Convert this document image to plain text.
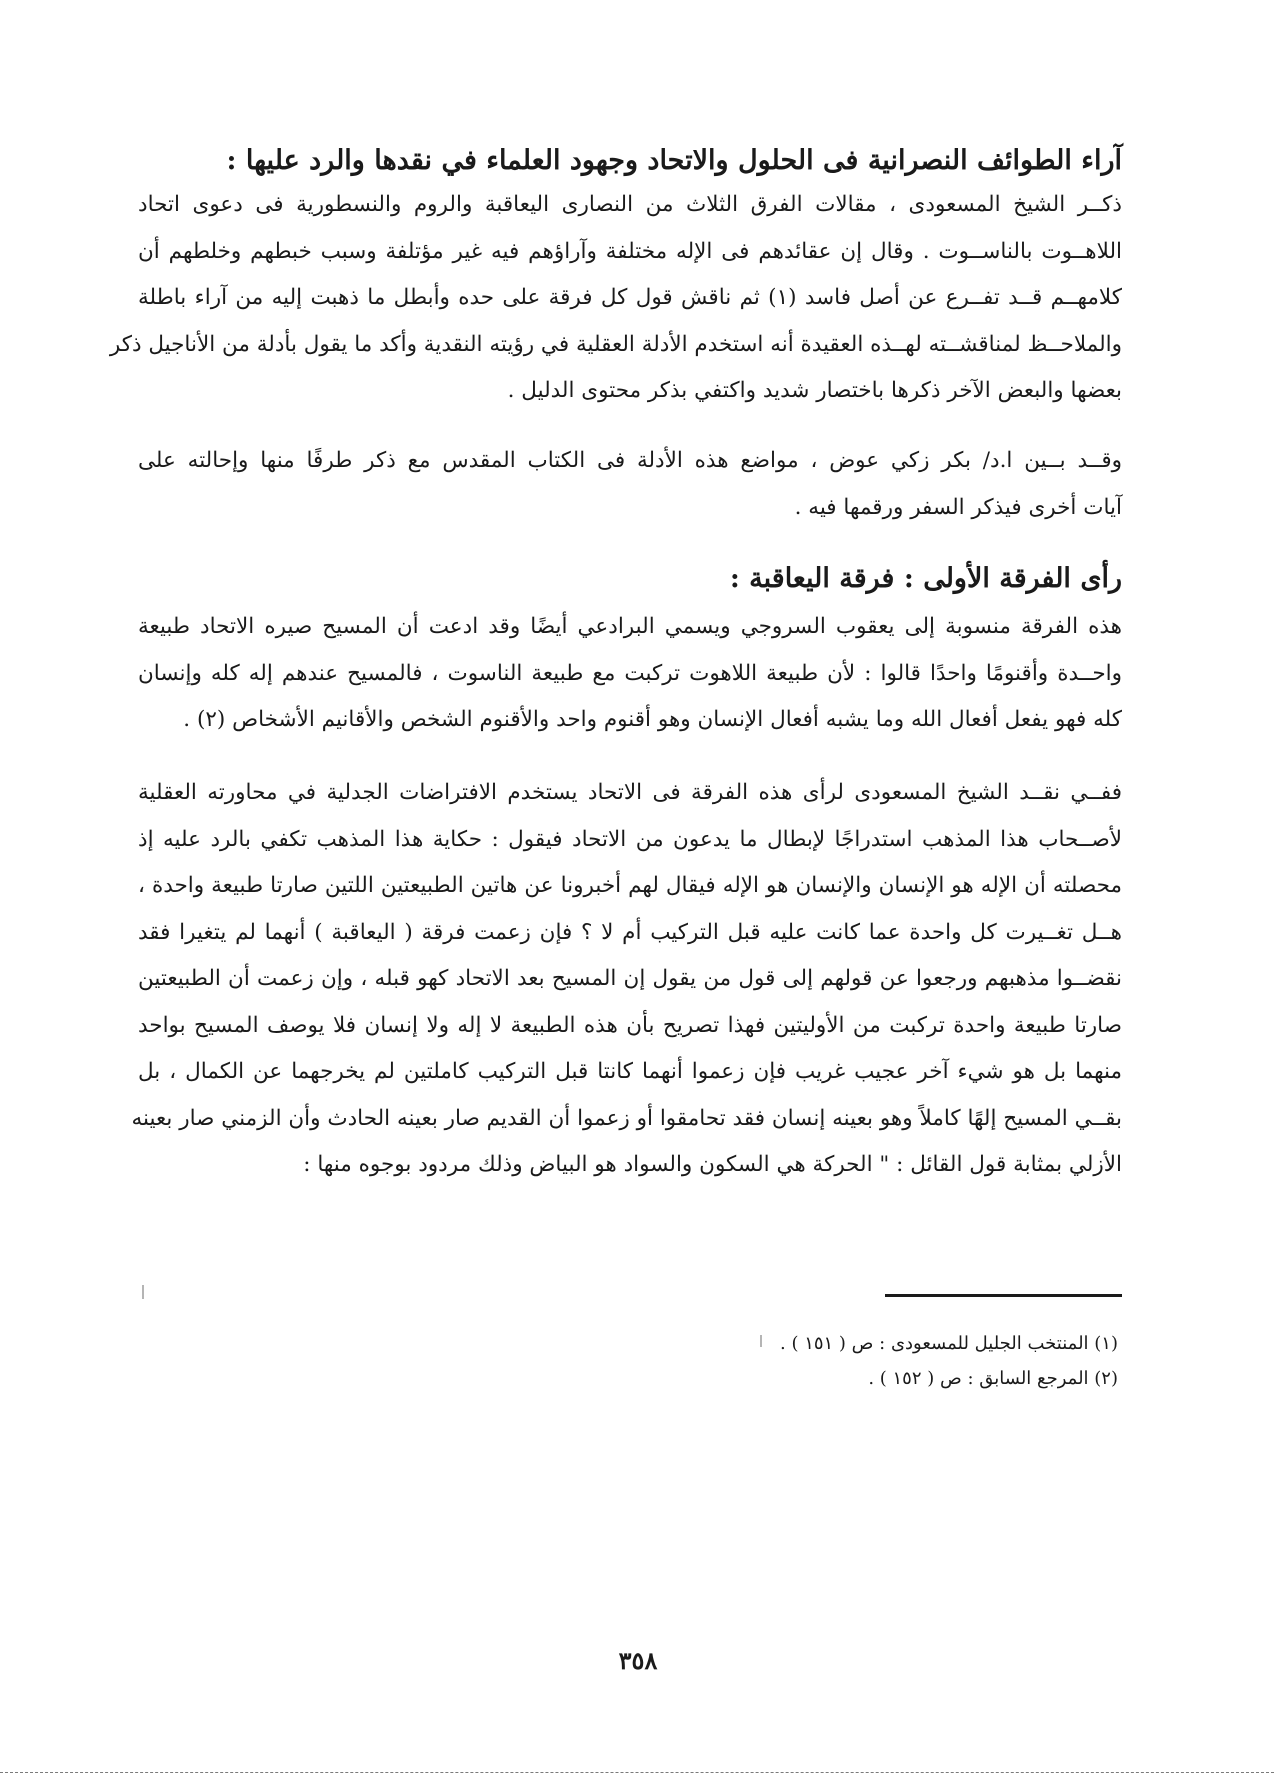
آراء الطوائف النصرانية فى الحلول والاتحاد وجهود العلماء في نقدها والرد عليها :
ذكــر الشيخ المسعودى ، مقالات الفرق الثلاث من النصارى اليعاقبة والروم والنسطورية فى دعوى اتحاد
اللاهــوت بالناســوت . وقال إن عقائدهم فى الإله مختلفة وآراؤهم فيه غير مؤتلفة وسبب خبطهم وخلطهم أن
كلامهــم قــد تفــرع عن أصل فاسد (١) ثم ناقش قول كل فرقة على حده وأبطل ما ذهبت إليه من آراء باطلة
والملاحــظ لمناقشــته لهــذه العقيدة أنه استخدم الأدلة العقلية في رؤيته النقدية وأكد ما يقول بأدلة من الأناجيل ذكر
بعضها والبعض الآخر ذكرها باختصار شديد واكتفي بذكر محتوى الدليل .
وقــد بــين ا.د/ بكر زكي عوض ، مواضع هذه الأدلة فى الكتاب المقدس مع ذكر طرفًا منها وإحالته على
آيات أخرى فيذكر السفر ورقمها فيه .
رأى الفرقة الأولى : فرقة اليعاقبة :
هذه الفرقة منسوبة إلى يعقوب السروجي ويسمي البرادعي أيضًا وقد ادعت أن المسيح صيره الاتحاد طبيعة
واحــدة وأقنومًا واحدًا قالوا : لأن طبيعة اللاهوت تركبت مع طبيعة الناسوت ، فالمسيح عندهم إله كله وإنسان
كله فهو يفعل أفعال الله وما يشبه أفعال الإنسان وهو أقنوم واحد والأقنوم الشخص والأقانيم الأشخاص (٢) .
ففــي نقــد الشيخ المسعودى لرأى هذه الفرقة فى الاتحاد يستخدم الافتراضات الجدلية في محاورته العقلية
لأصــحاب هذا المذهب استدراجًا لإبطال ما يدعون من الاتحاد فيقول : حكاية هذا المذهب تكفي بالرد عليه إذ
محصلته أن الإله هو الإنسان والإنسان هو الإله فيقال لهم أخبرونا عن هاتين الطبيعتين اللتين صارتا طبيعة واحدة ،
هــل تغــيرت كل واحدة عما كانت عليه قبل التركيب أم لا ؟ فإن زعمت فرقة ( اليعاقبة ) أنهما لم يتغيرا فقد
نقضــوا مذهبهم ورجعوا عن قولهم إلى قول من يقول إن المسيح بعد الاتحاد كهو قبله ، وإن زعمت أن الطبيعتين
صارتا طبيعة واحدة تركبت من الأوليتين فهذا تصريح بأن هذه الطبيعة لا إله ولا إنسان فلا يوصف المسيح بواحد
منهما بل هو شيء آخر عجيب غريب فإن زعموا أنهما كانتا قبل التركيب كاملتين لم يخرجهما عن الكمال ، بل
بقــي المسيح إلهًا كاملاً وهو بعينه إنسان فقد تحامقوا أو زعموا أن القديم صار بعينه الحادث وأن الزمني صار بعينه
الأزلي بمثابة قول القائل : " الحركة هي السكون والسواد هو البياض وذلك مردود بوجوه منها :
(١) المنتخب الجليل للمسعودى : ص ( ١٥١ ) .
(٢) المرجع السابق : ص ( ١٥٢ ) .
٣٥٨
